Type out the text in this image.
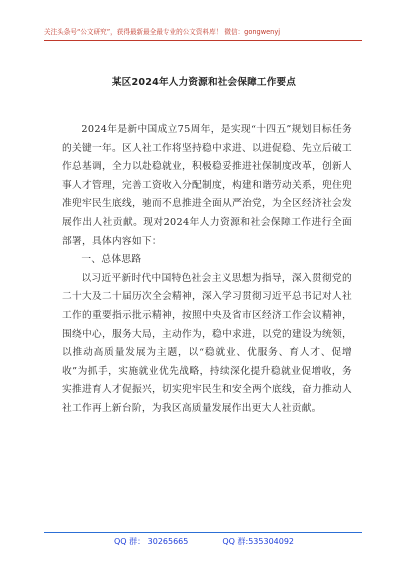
关注头条号“公文研究”，获得最新最全最专业的公文资料库！ 微信：gongwenyj
某区2024年人力资源和社会保障工作要点

2024年是新中国成立75周年，是实现“十四五”规划目标任务的关键一年。区人社工作将坚持稳中求进、以进促稳、先立后破工作总基调，全力以赴稳就业，积极稳妥推进社保制度改革，创新人事人才管理，完善工资收入分配制度，构建和谐劳动关系，兜住兜准兜牢民生底线，驰而不息推进全面从严治党，为全区经济社会发展作出人社贡献。现对2024年人力资源和社会保障工作进行全面部署，具体内容如下：

一、总体思路

以习近平新时代中国特色社会主义思想为指导，深入贯彻党的二十大及二十届历次全会精神，深入学习贯彻习近平总书记对人社工作的重要指示批示精神，按照中央及省市区经济工作会议精神，围绕中心，服务大局，主动作为，稳中求进，以党的建设为统领，以推动高质量发展为主题，以“稳就业、优服务、育人才、促增收”为抓手，实施就业优先战略，持续深化提升稳就业促增收，务实推进育人才促振兴，切实兜牢民生和安全两个底线，奋力推动人社工作再上新台阶，为我区高质量发展作出更大人社贡献。

QQ 群： 30265665	QQ 群:535304092
